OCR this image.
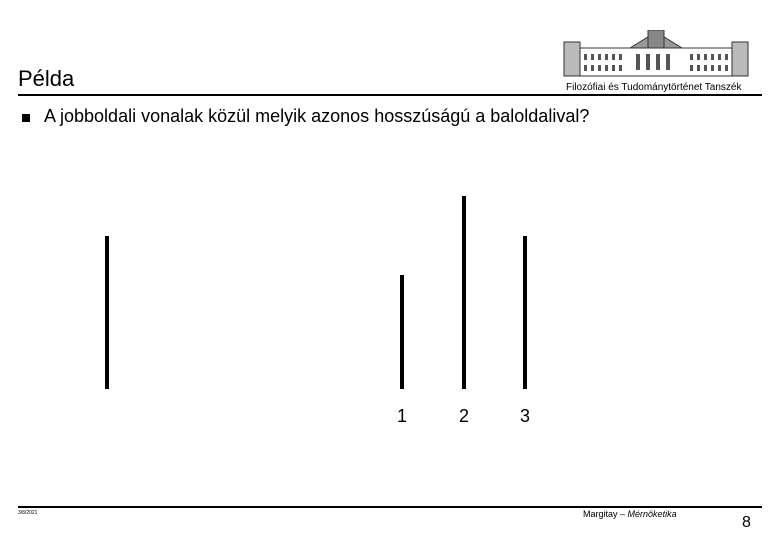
Példa	Filozófiai és Tudománytörténet Tanszék
A jobboldali vonalak közül melyik azonos hosszúságú a baloldalival?
1	2	3
3/8/2021	Margitay – Mérnöketika	8
